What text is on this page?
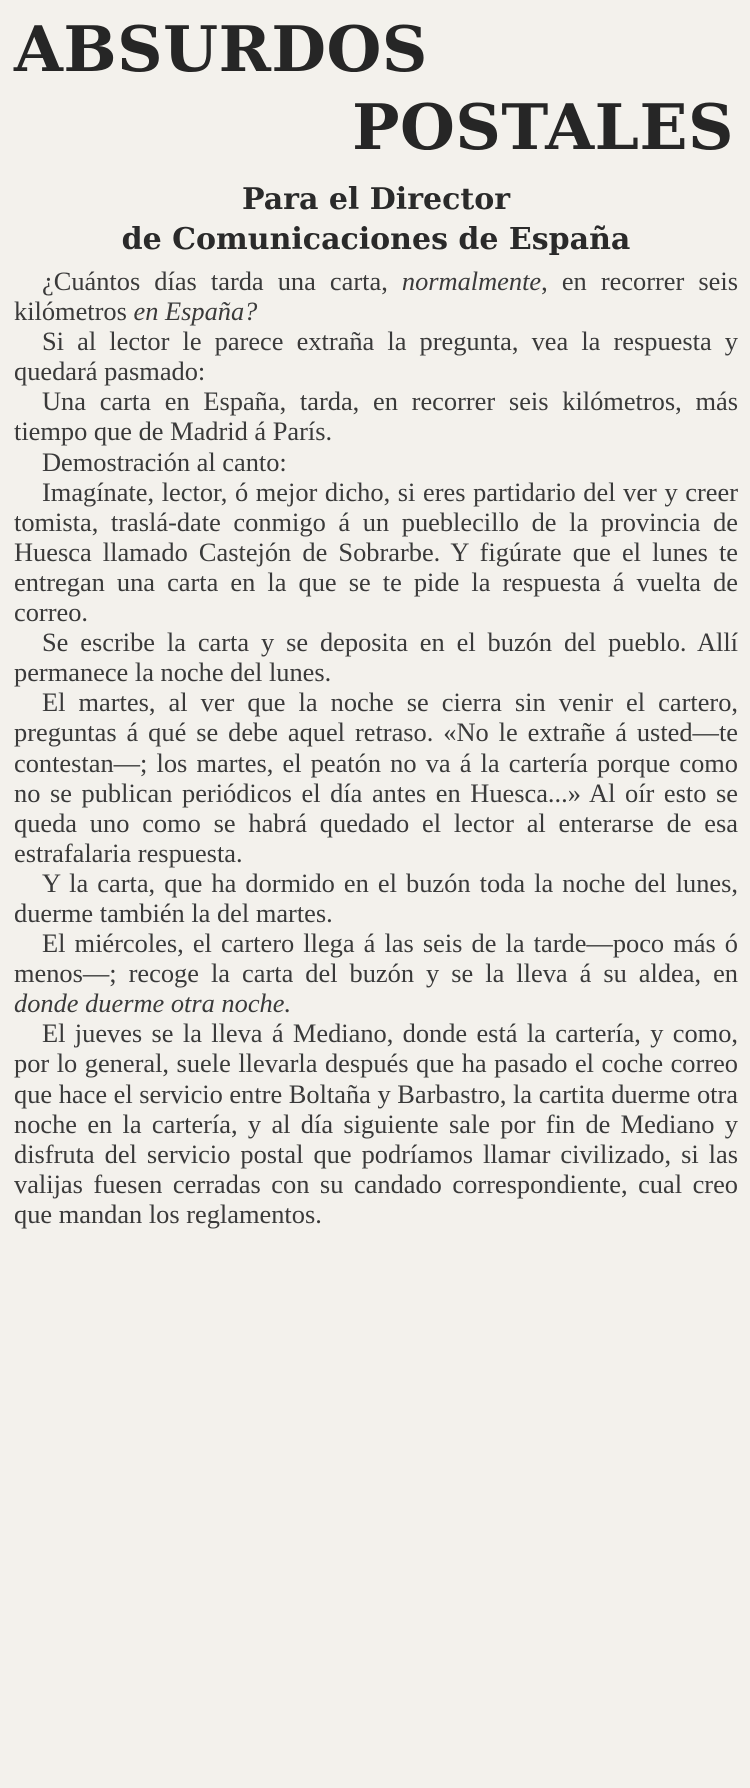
ABSURDOS
POSTALES
Para el Director
de Comunicaciones de España

¿Cuántos días tarda una carta, normalmente, en recorrer seis kilómetros en España?

Si al lector le parece extraña la pregunta, vea la respuesta y quedará pasmado:

Una carta en España, tarda, en recorrer seis kilómetros, más tiempo que de Madrid á París.

Demostración al canto:

Imagínate, lector, ó mejor dicho, si eres partidario del ver y creer tomista, traslá-date conmigo á un pueblecillo de la provincia de Huesca llamado Castejón de Sobrarbe. Y figúrate que el lunes te entregan una carta en la que se te pide la respuesta á vuelta de correo.

Se escribe la carta y se deposita en el buzón del pueblo. Allí permanece la noche del lunes.

El martes, al ver que la noche se cierra sin venir el cartero, preguntas á qué se debe aquel retraso. «No le extrañe á usted—te contestan—; los martes, el peatón no va á la cartería porque como no se publican periódicos el día antes en Huesca...» Al oír esto se queda uno como se habrá quedado el lector al enterarse de esa estrafalaria respuesta.

Y la carta, que ha dormido en el buzón toda la noche del lunes, duerme también la del martes.

El miércoles, el cartero llega á las seis de la tarde—poco más ó menos—; recoge la carta del buzón y se la lleva á su aldea, en donde duerme otra noche.

El jueves se la lleva á Mediano, donde está la cartería, y como, por lo general, suele llevarla después que ha pasado el coche correo que hace el servicio entre Boltaña y Barbastro, la cartita duerme otra noche en la cartería, y al día siguiente sale por fin de Mediano y disfruta del servicio postal que podríamos llamar civilizado, si las valijas fuesen cerradas con su candado correspondiente, cual creo que mandan los reglamentos.
